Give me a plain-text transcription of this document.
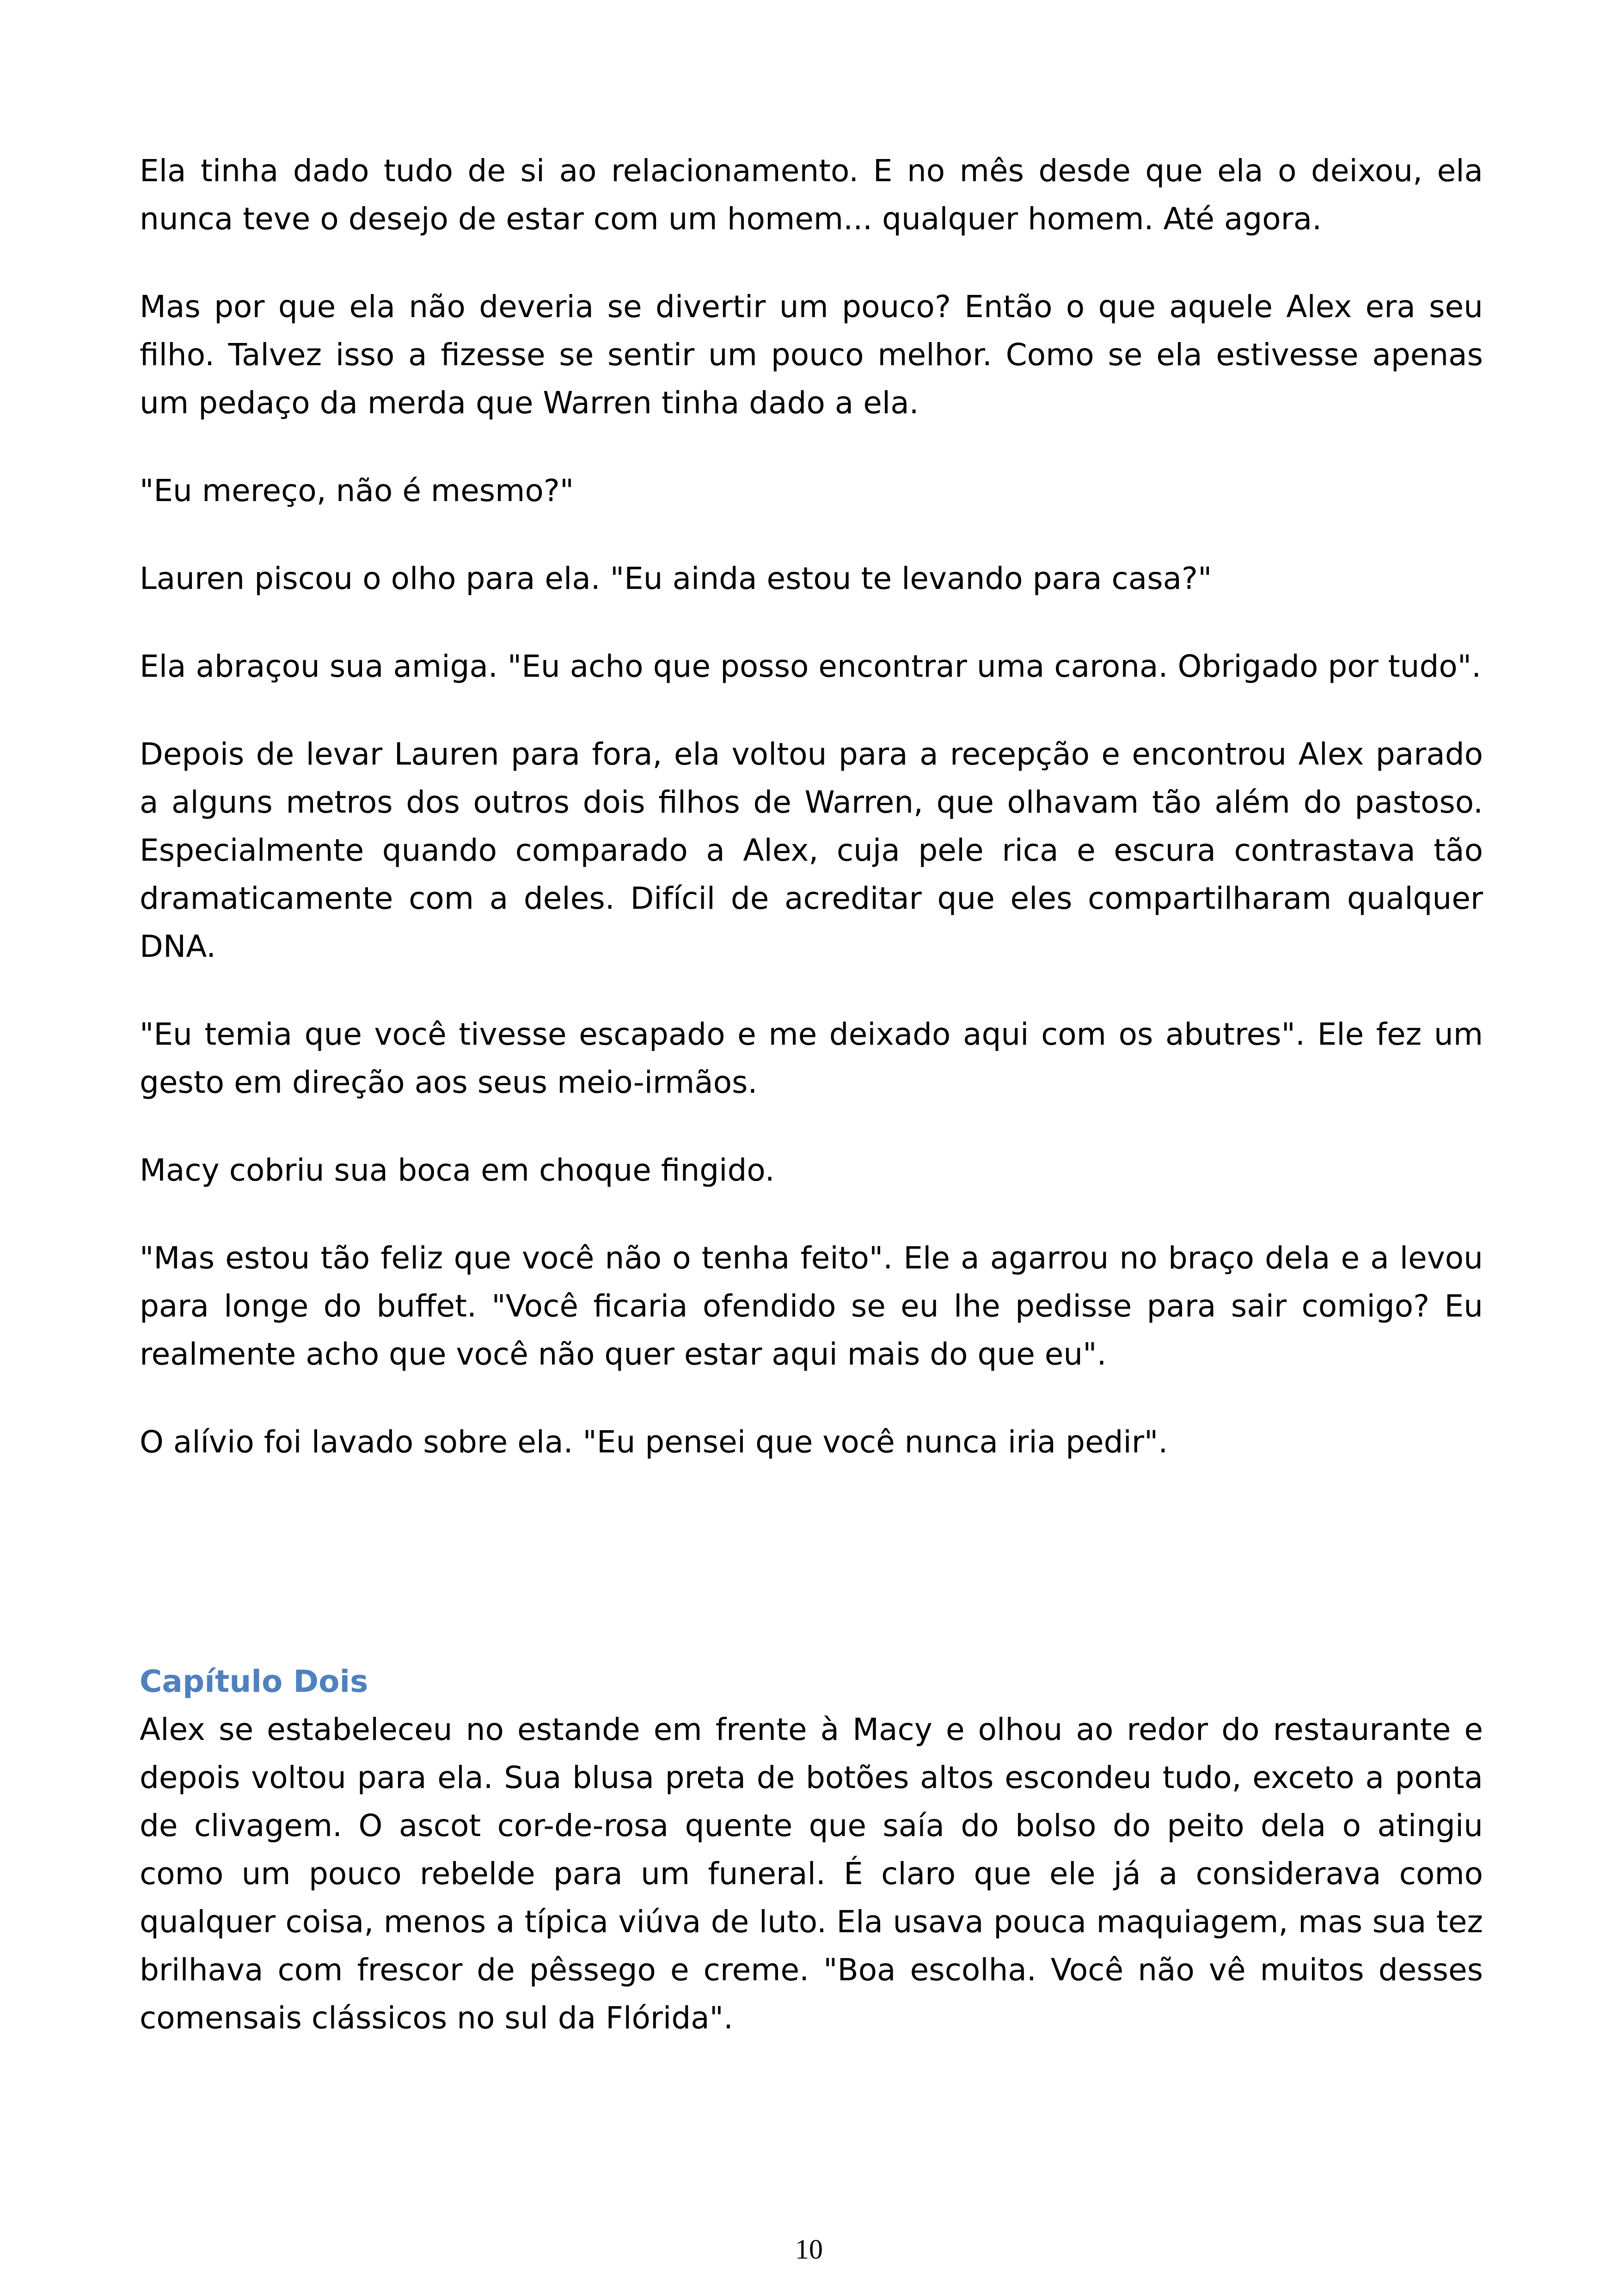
Ela tinha dado tudo de si ao relacionamento. E no mês desde que ela o deixou, ela nunca teve o desejo de estar com um homem... qualquer homem. Até agora.

Mas por que ela não deveria se divertir um pouco? Então o que aquele Alex era seu filho. Talvez isso a fizesse se sentir um pouco melhor. Como se ela estivesse apenas um pedaço da merda que Warren tinha dado a ela.

"Eu mereço, não é mesmo?"

Lauren piscou o olho para ela. "Eu ainda estou te levando para casa?"

Ela abraçou sua amiga. "Eu acho que posso encontrar uma carona. Obrigado por tudo".

Depois de levar Lauren para fora, ela voltou para a recepção e encontrou Alex parado a alguns metros dos outros dois filhos de Warren, que olhavam tão além do pastoso. Especialmente quando comparado a Alex, cuja pele rica e escura contrastava tão dramaticamente com a deles. Difícil de acreditar que eles compartilharam qualquer DNA.

"Eu temia que você tivesse escapado e me deixado aqui com os abutres". Ele fez um gesto em direção aos seus meio-irmãos.

Macy cobriu sua boca em choque fingido.

"Mas estou tão feliz que você não o tenha feito". Ele a agarrou no braço dela e a levou para longe do buffet. "Você ficaria ofendido se eu lhe pedisse para sair comigo? Eu realmente acho que você não quer estar aqui mais do que eu".

O alívio foi lavado sobre ela. "Eu pensei que você nunca iria pedir".

Capítulo Dois

Alex se estabeleceu no estande em frente à Macy e olhou ao redor do restaurante e depois voltou para ela. Sua blusa preta de botões altos escondeu tudo, exceto a ponta de clivagem. O ascot cor-de-rosa quente que saía do bolso do peito dela o atingiu como um pouco rebelde para um funeral. É claro que ele já a considerava como qualquer coisa, menos a típica viúva de luto. Ela usava pouca maquiagem, mas sua tez brilhava com frescor de pêssego e creme. "Boa escolha. Você não vê muitos desses comensais clássicos no sul da Flórida".

10
